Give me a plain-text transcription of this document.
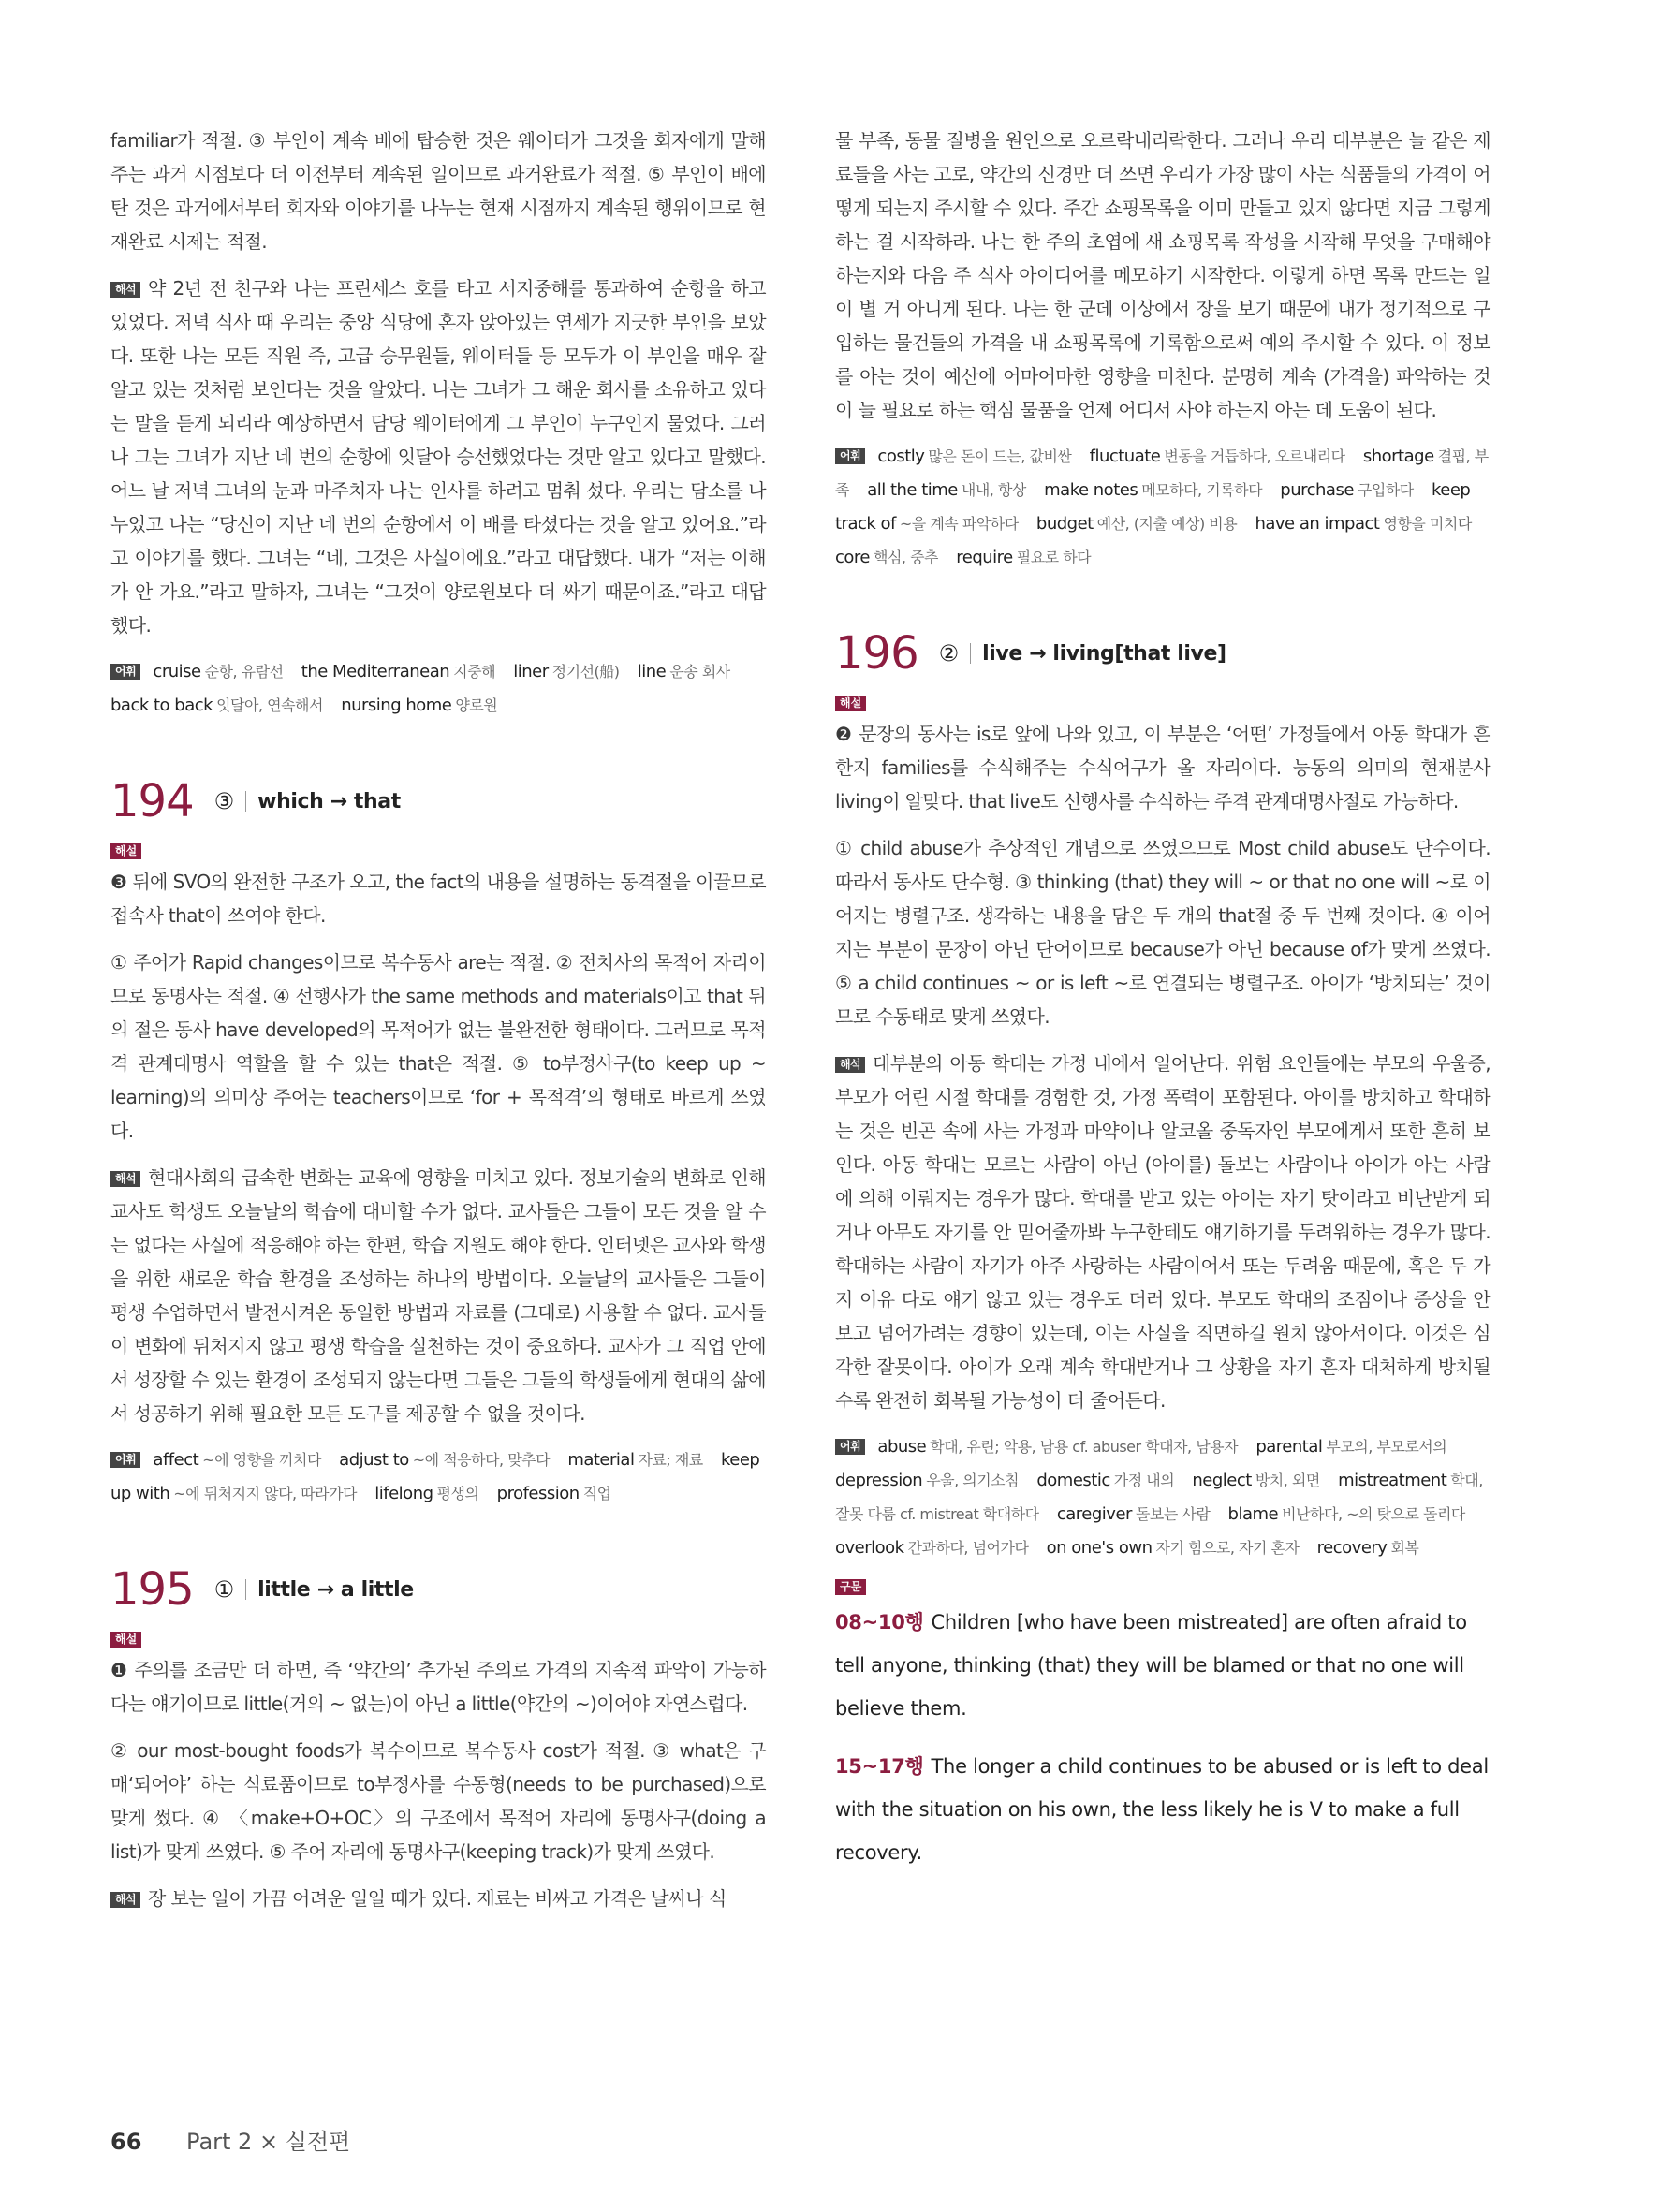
familiar가 적절. ③ 부인이 계속 배에 탑승한 것은 웨이터가 그것을 회자에게 말해주는 과거 시점보다 더 이전부터 계속된 일이므로 과거완료가 적절. ⑤ 부인이 배에 탄 것은 과거에서부터 회자와 이야기를 나누는 현재 시점까지 계속된 행위이므로 현재완료 시제는 적절.

해석 약 2년 전 친구와 나는 프린세스 호를 타고 서지중해를 통과하여 순항을 하고 있었다. 저녁 식사 때 우리는 중앙 식당에 혼자 앉아있는 연세가 지긋한 부인을 보았다. 또한 나는 모든 직원 즉, 고급 승무원들, 웨이터들 등 모두가 이 부인을 매우 잘 알고 있는 것처럼 보인다는 것을 알았다. 나는 그녀가 그 해운 회사를 소유하고 있다는 말을 듣게 되리라 예상하면서 담당 웨이터에게 그 부인이 누구인지 물었다. 그러나 그는 그녀가 지난 네 번의 순항에 잇달아 승선했었다는 것만 알고 있다고 말했다. 어느 날 저녁 그녀의 눈과 마주치자 나는 인사를 하려고 멈춰 섰다. 우리는 담소를 나누었고 나는 “당신이 지난 네 번의 순항에서 이 배를 타셨다는 것을 알고 있어요.”라고 이야기를 했다. 그녀는 “네, 그것은 사실이에요.”라고 대답했다. 내가 “저는 이해가 안 가요.”라고 말하자, 그녀는 “그것이 양로원보다 더 싸기 때문이죠.”라고 대답했다.

어휘 cruise 순항, 유람선 the Mediterranean 지중해 liner 정기선(船) line 운송 회사 back to back 잇달아, 연속해서 nursing home 양로원
194 ③ which → that
해설

❸ 뒤에 SVO의 완전한 구조가 오고, the fact의 내용을 설명하는 동격절을 이끌므로 접속사 that이 쓰여야 한다.

① 주어가 Rapid changes이므로 복수동사 are는 적절. ② 전치사의 목적어 자리이므로 동명사는 적절. ④ 선행사가 the same methods and materials이고 that 뒤의 절은 동사 have developed의 목적어가 없는 불완전한 형태이다. 그러므로 목적격 관계대명사 역할을 할 수 있는 that은 적절. ⑤ to부정사구(to keep up ~ learning)의 의미상 주어는 teachers이므로 ‘for + 목적격’의 형태로 바르게 쓰였다.

해석 현대사회의 급속한 변화는 교육에 영향을 미치고 있다. 정보기술의 변화로 인해 교사도 학생도 오늘날의 학습에 대비할 수가 없다. 교사들은 그들이 모든 것을 알 수는 없다는 사실에 적응해야 하는 한편, 학습 지원도 해야 한다. 인터넷은 교사와 학생을 위한 새로운 학습 환경을 조성하는 하나의 방법이다. 오늘날의 교사들은 그들이 평생 수업하면서 발전시켜온 동일한 방법과 자료를 (그대로) 사용할 수 없다. 교사들이 변화에 뒤처지지 않고 평생 학습을 실천하는 것이 중요하다. 교사가 그 직업 안에서 성장할 수 있는 환경이 조성되지 않는다면 그들은 그들의 학생들에게 현대의 삶에서 성공하기 위해 필요한 모든 도구를 제공할 수 없을 것이다.

어휘 affect ~에 영향을 끼치다 adjust to ~에 적응하다, 맞추다 material 자료; 재료 keep up with ~에 뒤처지지 않다, 따라가다 lifelong 평생의 profession 직업
195 ① little → a little
해설

❶ 주의를 조금만 더 하면, 즉 ‘약간의’ 추가된 주의로 가격의 지속적 파악이 가능하다는 얘기이므로 little(거의 ~ 없는)이 아닌 a little(약간의 ~)이어야 자연스럽다.

② our most-bought foods가 복수이므로 복수동사 cost가 적절. ③ what은 구매‘되어야’ 하는 식료품이므로 to부정사를 수동형(needs to be purchased)으로 맞게 썼다. ④ 〈make+O+OC〉의 구조에서 목적어 자리에 동명사구(doing a list)가 맞게 쓰였다. ⑤ 주어 자리에 동명사구(keeping track)가 맞게 쓰였다.

해석 장 보는 일이 가끔 어려운 일일 때가 있다. 재료는 비싸고 가격은 날씨나 식

물 부족, 동물 질병을 원인으로 오르락내리락한다. 그러나 우리 대부분은 늘 같은 재료들을 사는 고로, 약간의 신경만 더 쓰면 우리가 가장 많이 사는 식품들의 가격이 어떻게 되는지 주시할 수 있다. 주간 쇼핑목록을 이미 만들고 있지 않다면 지금 그렇게 하는 걸 시작하라. 나는 한 주의 초엽에 새 쇼핑목록 작성을 시작해 무엇을 구매해야 하는지와 다음 주 식사 아이디어를 메모하기 시작한다. 이렇게 하면 목록 만드는 일이 별 거 아니게 된다. 나는 한 군데 이상에서 장을 보기 때문에 내가 정기적으로 구입하는 물건들의 가격을 내 쇼핑목록에 기록함으로써 예의 주시할 수 있다. 이 정보를 아는 것이 예산에 어마어마한 영향을 미친다. 분명히 계속 (가격을) 파악하는 것이 늘 필요로 하는 핵심 물품을 언제 어디서 사야 하는지 아는 데 도움이 된다.

어휘 costly 많은 돈이 드는, 값비싼 fluctuate 변동을 거듭하다, 오르내리다 shortage 결핍, 부족 all the time 내내, 항상 make notes 메모하다, 기록하다 purchase 구입하다 keep track of ~을 계속 파악하다 budget 예산, (지출 예상) 비용 have an impact 영향을 미치다 core 핵심, 중추 require 필요로 하다
196 ② live → living[that live]
해설

❷ 문장의 동사는 is로 앞에 나와 있고, 이 부분은 ‘어떤’ 가정들에서 아동 학대가 흔한지 families를 수식해주는 수식어구가 올 자리이다. 능동의 의미의 현재분사 living이 알맞다. that live도 선행사를 수식하는 주격 관계대명사절로 가능하다.

① child abuse가 추상적인 개념으로 쓰였으므로 Most child abuse도 단수이다. 따라서 동사도 단수형. ③ thinking (that) they will ~ or that no one will ~로 이어지는 병렬구조. 생각하는 내용을 담은 두 개의 that절 중 두 번째 것이다. ④ 이어지는 부분이 문장이 아닌 단어이므로 because가 아닌 because of가 맞게 쓰였다. ⑤ a child continues ~ or is left ~로 연결되는 병렬구조. 아이가 ‘방치되는’ 것이므로 수동태로 맞게 쓰였다.

해석 대부분의 아동 학대는 가정 내에서 일어난다. 위험 요인들에는 부모의 우울증, 부모가 어린 시절 학대를 경험한 것, 가정 폭력이 포함된다. 아이를 방치하고 학대하는 것은 빈곤 속에 사는 가정과 마약이나 알코올 중독자인 부모에게서 또한 흔히 보인다. 아동 학대는 모르는 사람이 아닌 (아이를) 돌보는 사람이나 아이가 아는 사람에 의해 이뤄지는 경우가 많다. 학대를 받고 있는 아이는 자기 탓이라고 비난받게 되거나 아무도 자기를 안 믿어줄까봐 누구한테도 얘기하기를 두려워하는 경우가 많다. 학대하는 사람이 자기가 아주 사랑하는 사람이어서 또는 두려움 때문에, 혹은 두 가지 이유 다로 얘기 않고 있는 경우도 더러 있다. 부모도 학대의 조짐이나 증상을 안 보고 넘어가려는 경향이 있는데, 이는 사실을 직면하길 원치 않아서이다. 이것은 심각한 잘못이다. 아이가 오래 계속 학대받거나 그 상황을 자기 혼자 대처하게 방치될수록 완전히 회복될 가능성이 더 줄어든다.

어휘 abuse 학대, 유린; 악용, 남용 cf. abuser 학대자, 남용자 parental 부모의, 부모로서의 depression 우울, 의기소침 domestic 가정 내의 neglect 방치, 외면 mistreatment 학대, 잘못 다룸 cf. mistreat 학대하다 caregiver 돌보는 사람 blame 비난하다, ~의 탓으로 돌리다 overlook 간과하다, 넘어가다 on one's own 자기 힘으로, 자기 혼자 recovery 회복
구문

08~10행 Children [who have been mistreated] are often afraid to tell anyone, thinking (that) they will be blamed or that no one will believe them.

15~17행 The longer a child continues to be abused or is left to deal with the situation on his own, the less likely he is V to make a full recovery.

66 Part 2 × 실전편
